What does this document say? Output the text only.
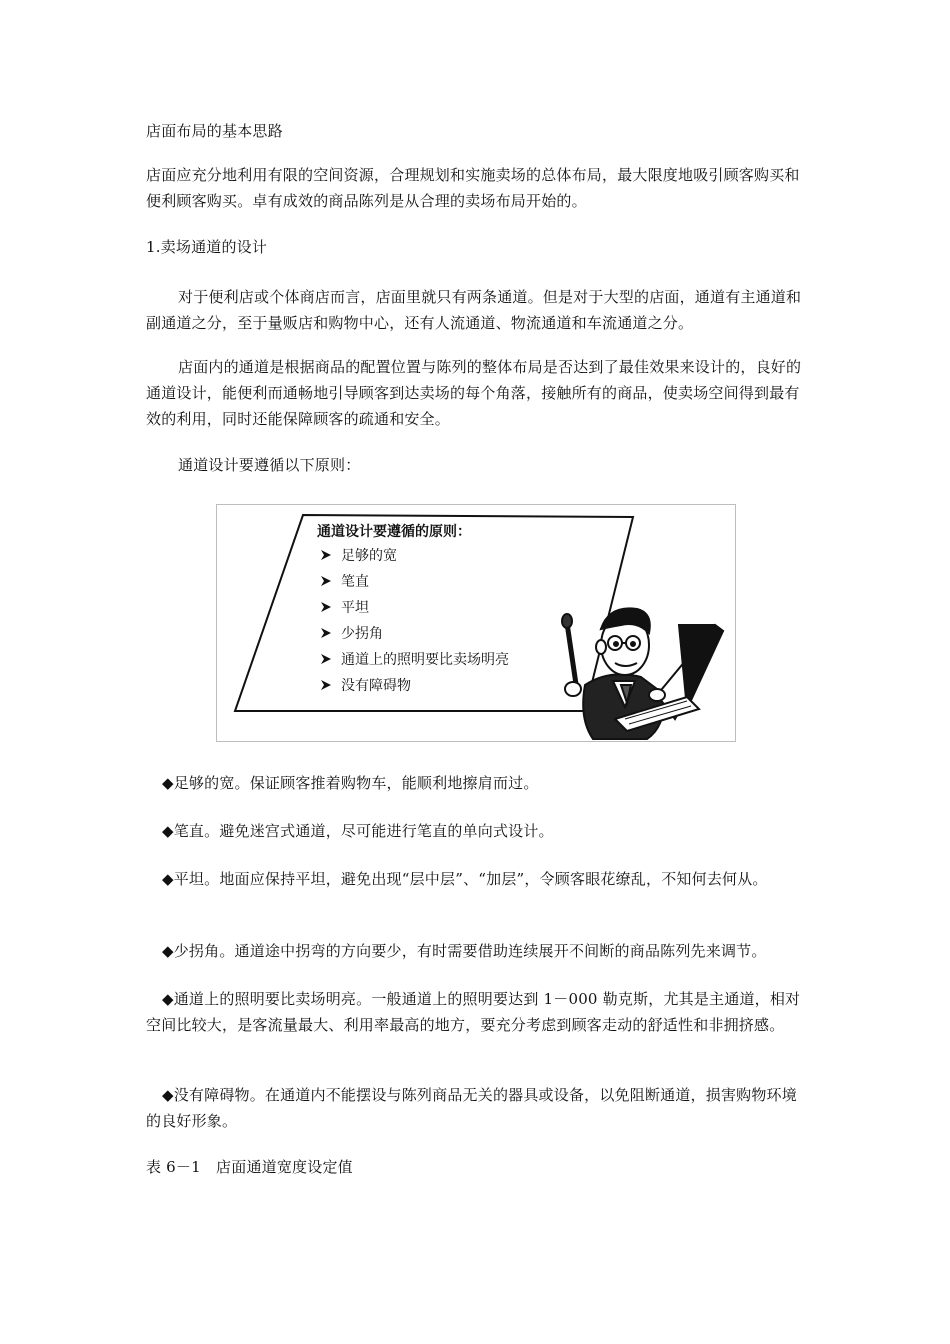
店面布局的基本思路

店面应充分地利用有限的空间资源，合理规划和实施卖场的总体布局，最大限度地吸引顾客购买和便利顾客购买。卓有成效的商品陈列是从合理的卖场布局开始的。

1.卖场通道的设计

对于便利店或个体商店而言，店面里就只有两条通道。但是对于大型的店面，通道有主通道和副通道之分，至于量贩店和购物中心，还有人流通道、物流通道和车流通道之分。

店面内的通道是根据商品的配置位置与陈列的整体布局是否达到了最佳效果来设计的，良好的通道设计，能便利而通畅地引导顾客到达卖场的每个角落，接触所有的商品，使卖场空间得到最有效的利用，同时还能保障顾客的疏通和安全。

通道设计要遵循以下原则：

通道设计要遵循的原则：
足够的宽
笔直
平坦
少拐角
通道上的照明要比卖场明亮
没有障碍物

◆足够的宽。保证顾客推着购物车，能顺利地擦肩而过。

◆笔直。避免迷宫式通道，尽可能进行笔直的单向式设计。

◆平坦。地面应保持平坦，避免出现“层中层”、“加层”，令顾客眼花缭乱，不知何去何从。

◆少拐角。通道途中拐弯的方向要少，有时需要借助连续展开不间断的商品陈列先来调节。

◆通道上的照明要比卖场明亮。一般通道上的照明要达到 1－000 勒克斯，尤其是主通道，相对空间比较大，是客流量最大、利用率最高的地方，要充分考虑到顾客走动的舒适性和非拥挤感。

◆没有障碍物。在通道内不能摆设与陈列商品无关的器具或设备，以免阻断通道，损害购物环境的良好形象。

表 6－1　店面通道宽度设定值
